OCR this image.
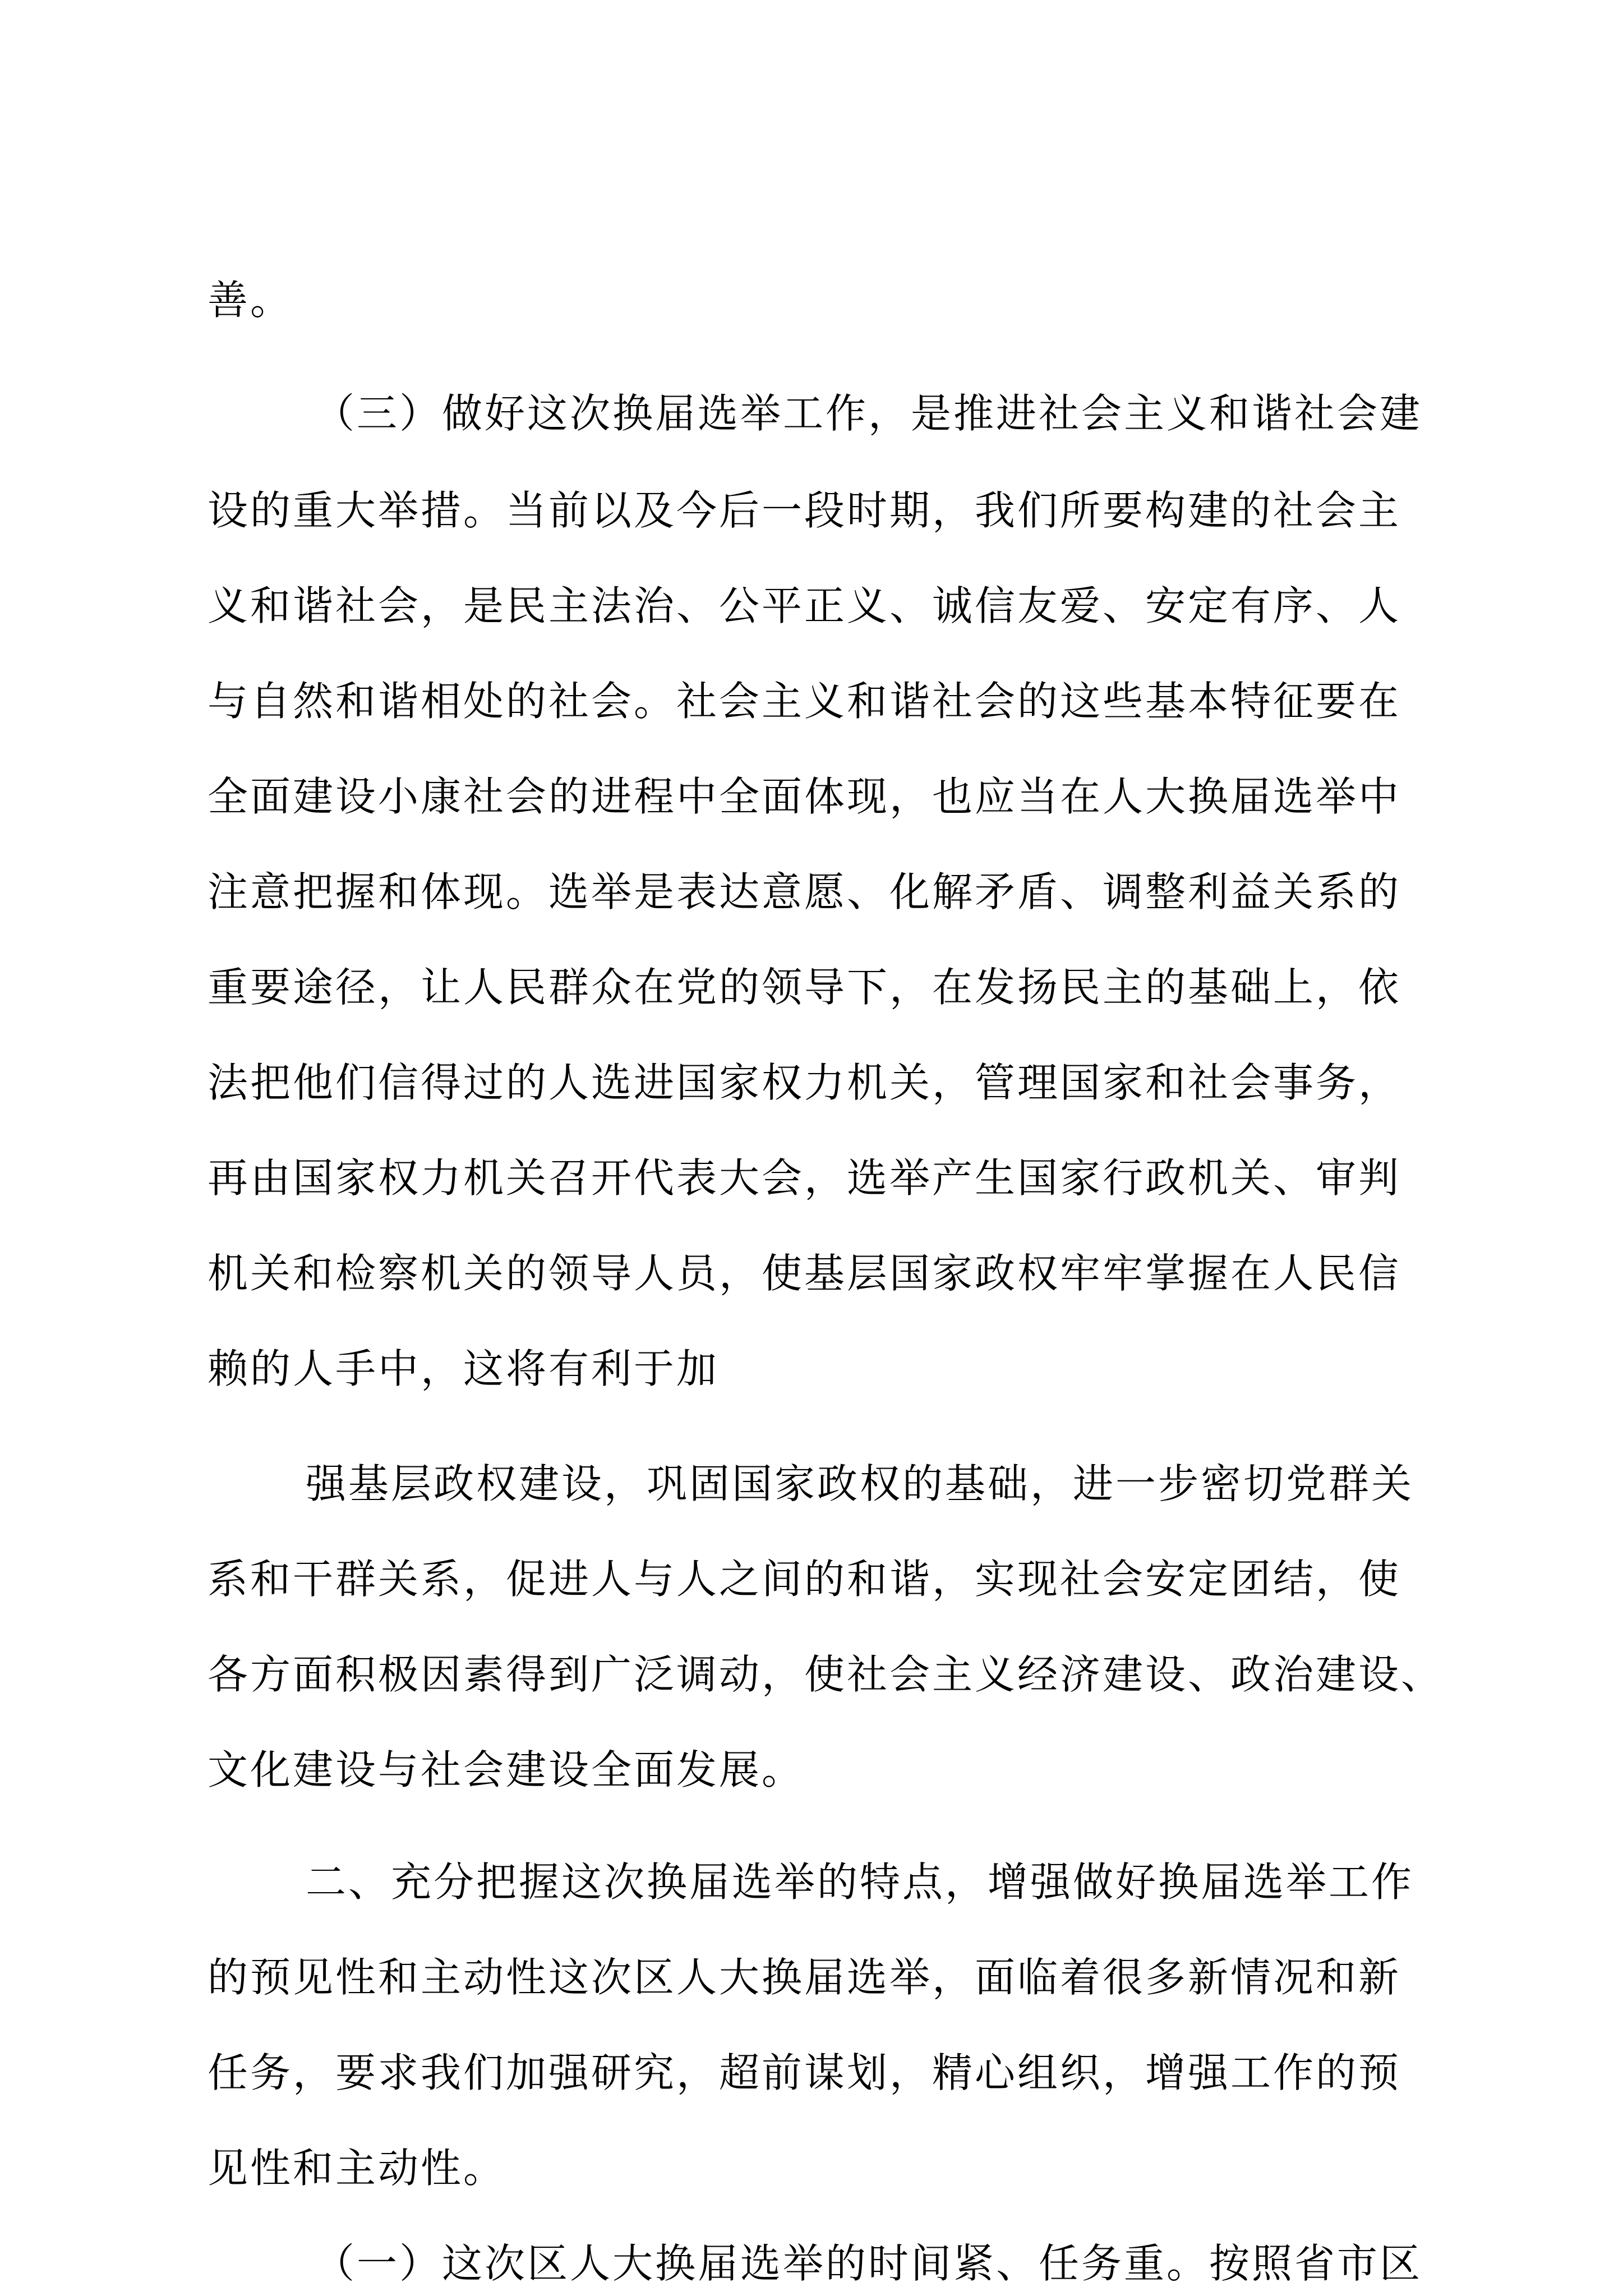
善。
（三）做好这次换届选举工作，是推进社会主义和谐社会建
设的重大举措。当前以及今后一段时期，我们所要构建的社会主
义和谐社会，是民主法治、公平正义、诚信友爱、安定有序、人
与自然和谐相处的社会。社会主义和谐社会的这些基本特征要在
全面建设小康社会的进程中全面体现，也应当在人大换届选举中
注意把握和体现。选举是表达意愿、化解矛盾、调整利益关系的
重要途径，让人民群众在党的领导下，在发扬民主的基础上，依
法把他们信得过的人选进国家权力机关，管理国家和社会事务，
再由国家权力机关召开代表大会，选举产生国家行政机关、审判
机关和检察机关的领导人员，使基层国家政权牢牢掌握在人民信
赖的人手中，这将有利于加
强基层政权建设，巩固国家政权的基础，进一步密切党群关
系和干群关系，促进人与人之间的和谐，实现社会安定团结，使
各方面积极因素得到广泛调动，使社会主义经济建设、政治建设、
文化建设与社会建设全面发展。
二、充分把握这次换届选举的特点，增强做好换届选举工作
的预见性和主动性这次区人大换届选举，面临着很多新情况和新
任务，要求我们加强研究，超前谋划，精心组织，增强工作的预
见性和主动性。
（一）这次区人大换届选举的时间紧、任务重。按照省市区
